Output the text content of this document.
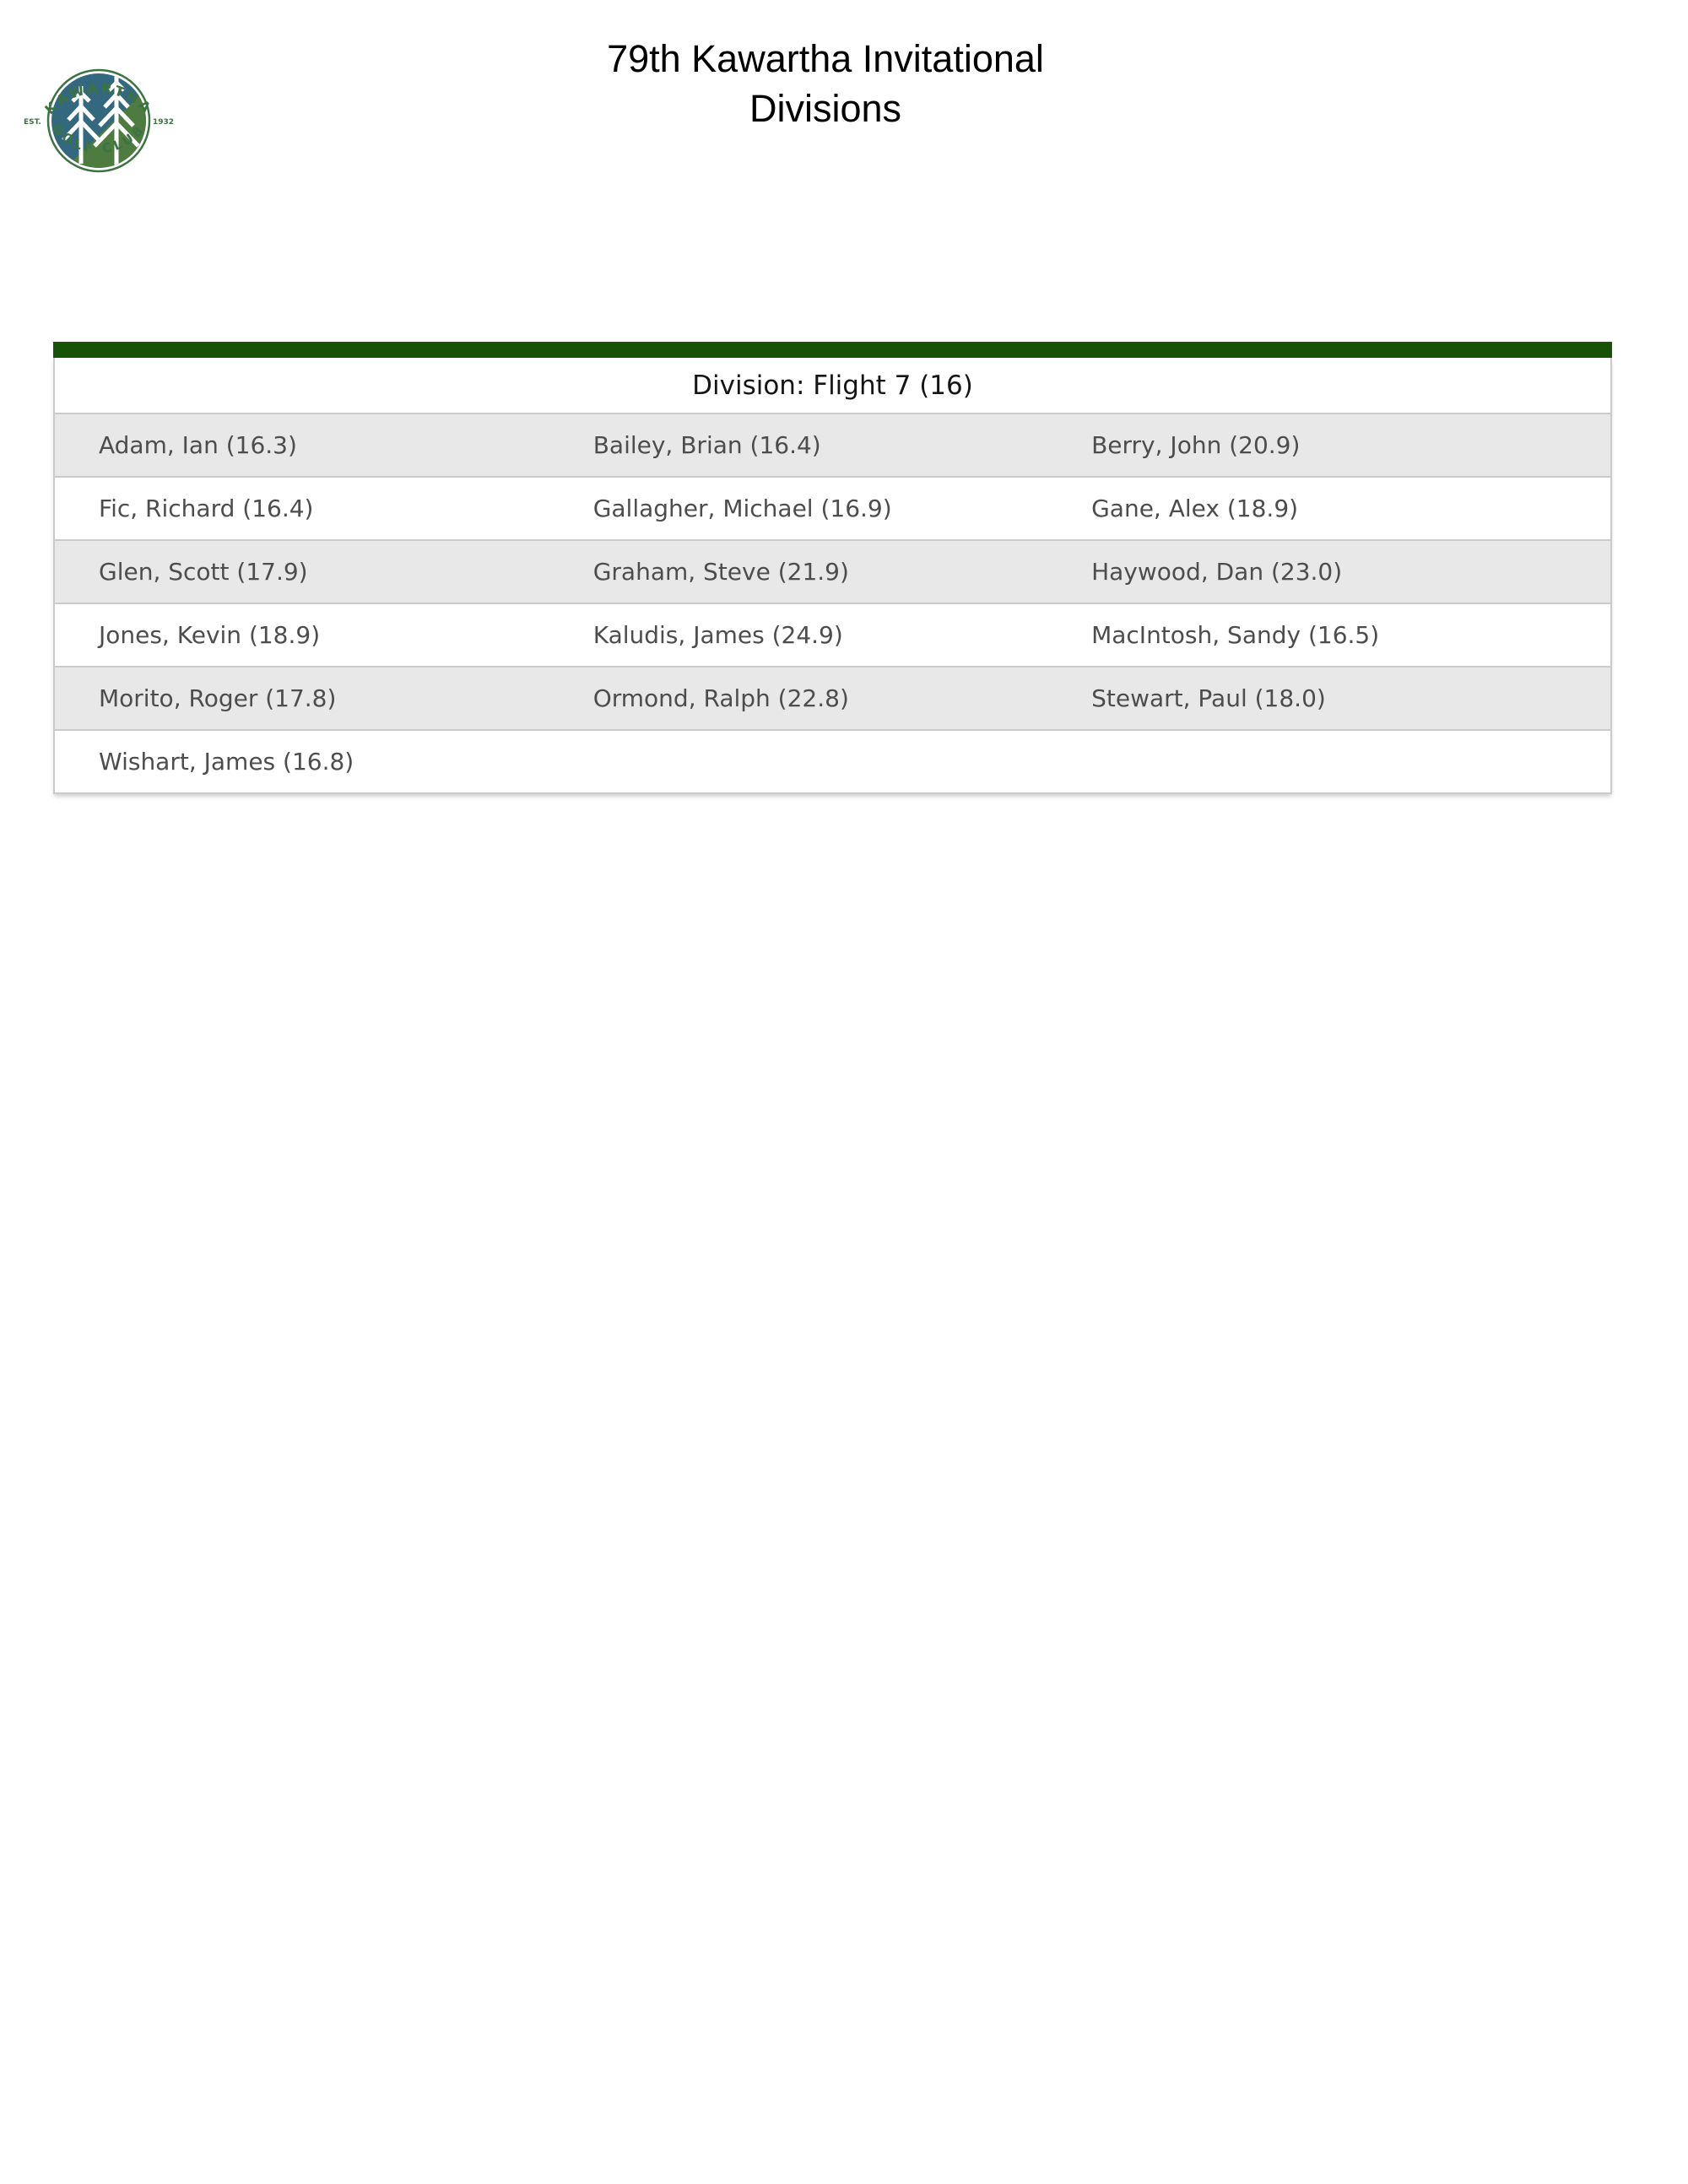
KAWARTHA
GOLF CLUB
EST.	1932
79th Kawartha Invitational
Divisions
Division: Flight 7 (16)		
Adam, Ian (16.3)	Bailey, Brian (16.4)	Berry, John (20.9)
Fic, Richard (16.4)	Gallagher, Michael (16.9)	Gane, Alex (18.9)
Glen, Scott (17.9)	Graham, Steve (21.9)	Haywood, Dan (23.0)
Jones, Kevin (18.9)	Kaludis, James (24.9)	MacIntosh, Sandy (16.5)
Morito, Roger (17.8)	Ormond, Ralph (22.8)	Stewart, Paul (18.0)
Wishart, James (16.8)		
